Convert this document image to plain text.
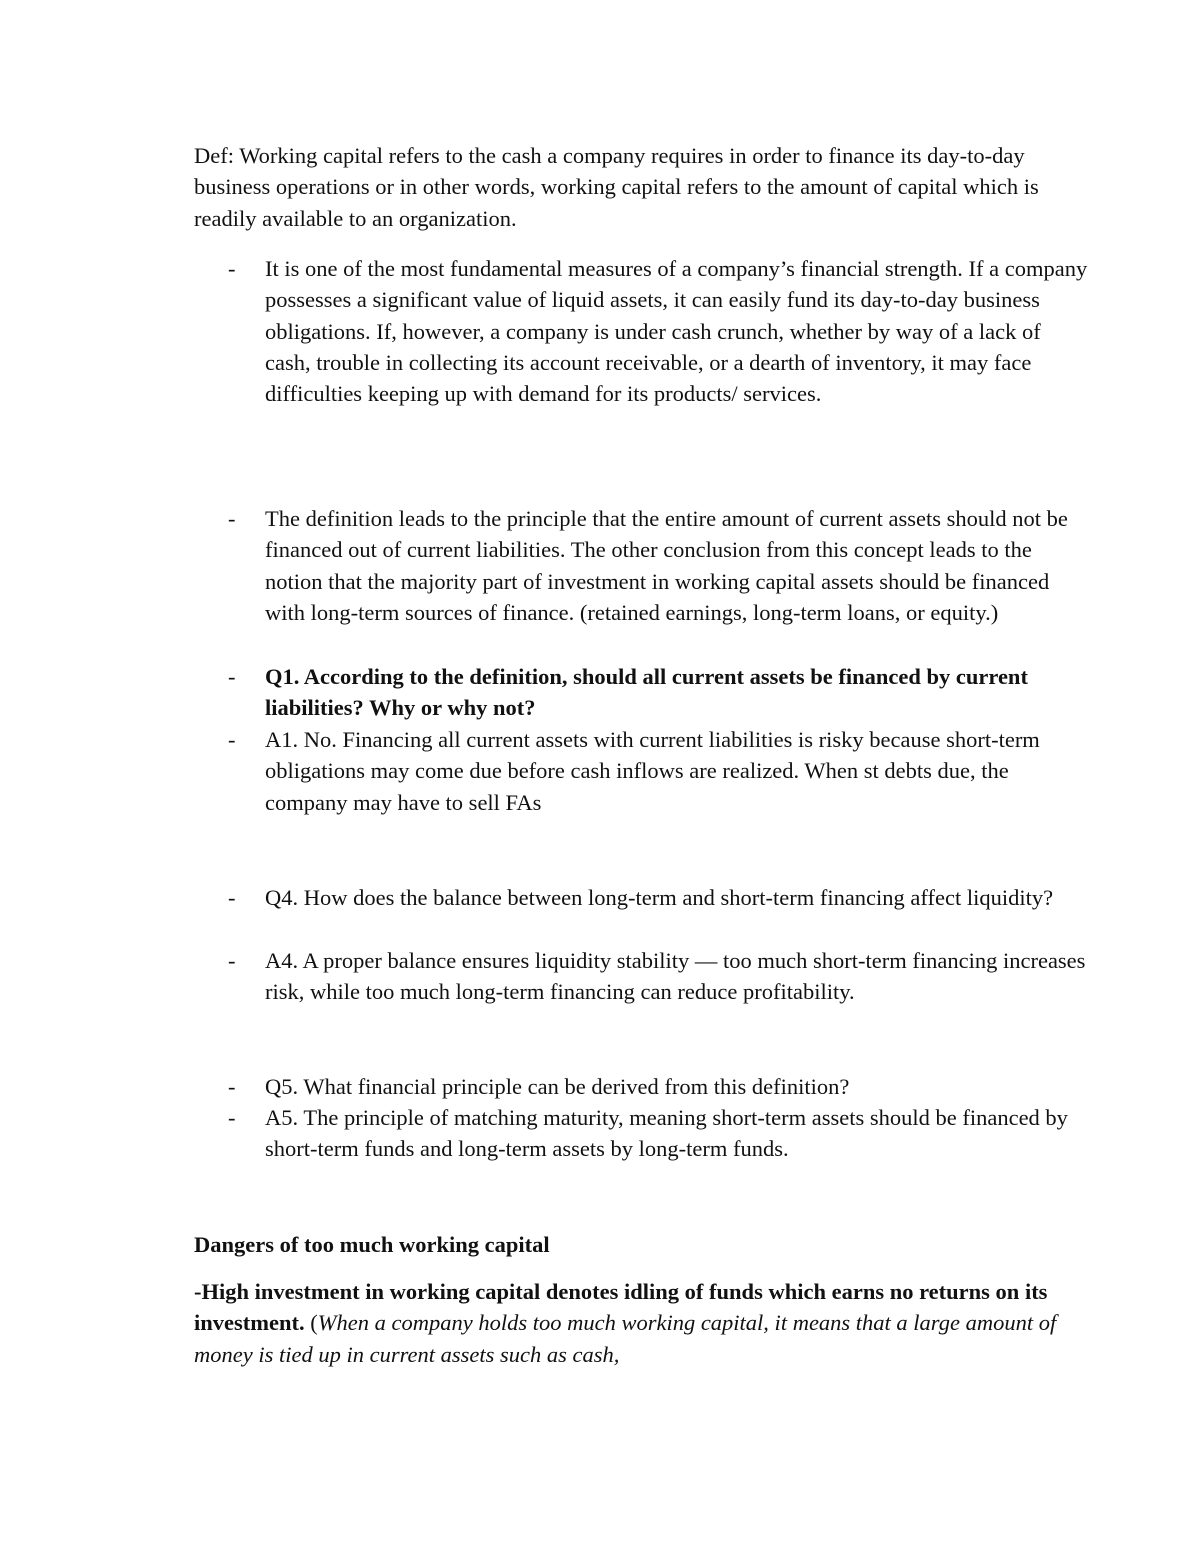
Def: Working capital refers to the cash a company requires in order to finance its day-to-day business operations or in other words, working capital refers to the amount of capital which is readily available to an organization.
-	It is one of the most fundamental measures of a company’s financial strength. If a company possesses a significant value of liquid assets, it can easily fund its day-to-day business obligations. If, however, a company is under cash crunch, whether by way of a lack of cash, trouble in collecting its account receivable, or a dearth of inventory, it may face difficulties keeping up with demand for its products/ services.
-	The definition leads to the principle that the entire amount of current assets should not be financed out of current liabilities. The other conclusion from this concept leads to the notion that the majority part of investment in working capital assets should be financed with long-term sources of finance. (retained earnings, long-term loans, or equity.)
-	Q1. According to the definition, should all current assets be financed by current liabilities? Why or why not?
-	A1. No. Financing all current assets with current liabilities is risky because short-term obligations may come due before cash inflows are realized. When st debts due, the company may have to sell FAs
-	Q4. How does the balance between long-term and short-term financing affect liquidity?
-	A4. A proper balance ensures liquidity stability — too much short-term financing increases risk, while too much long-term financing can reduce profitability.
-	Q5. What financial principle can be derived from this definition?
-	A5. The principle of matching maturity, meaning short-term assets should be financed by short-term funds and long-term assets by long-term funds.
Dangers of too much working capital
-High investment in working capital denotes idling of funds which earns no returns on its investment. (When a company holds too much working capital, it means that a large amount of money is tied up in current assets such as cash,
